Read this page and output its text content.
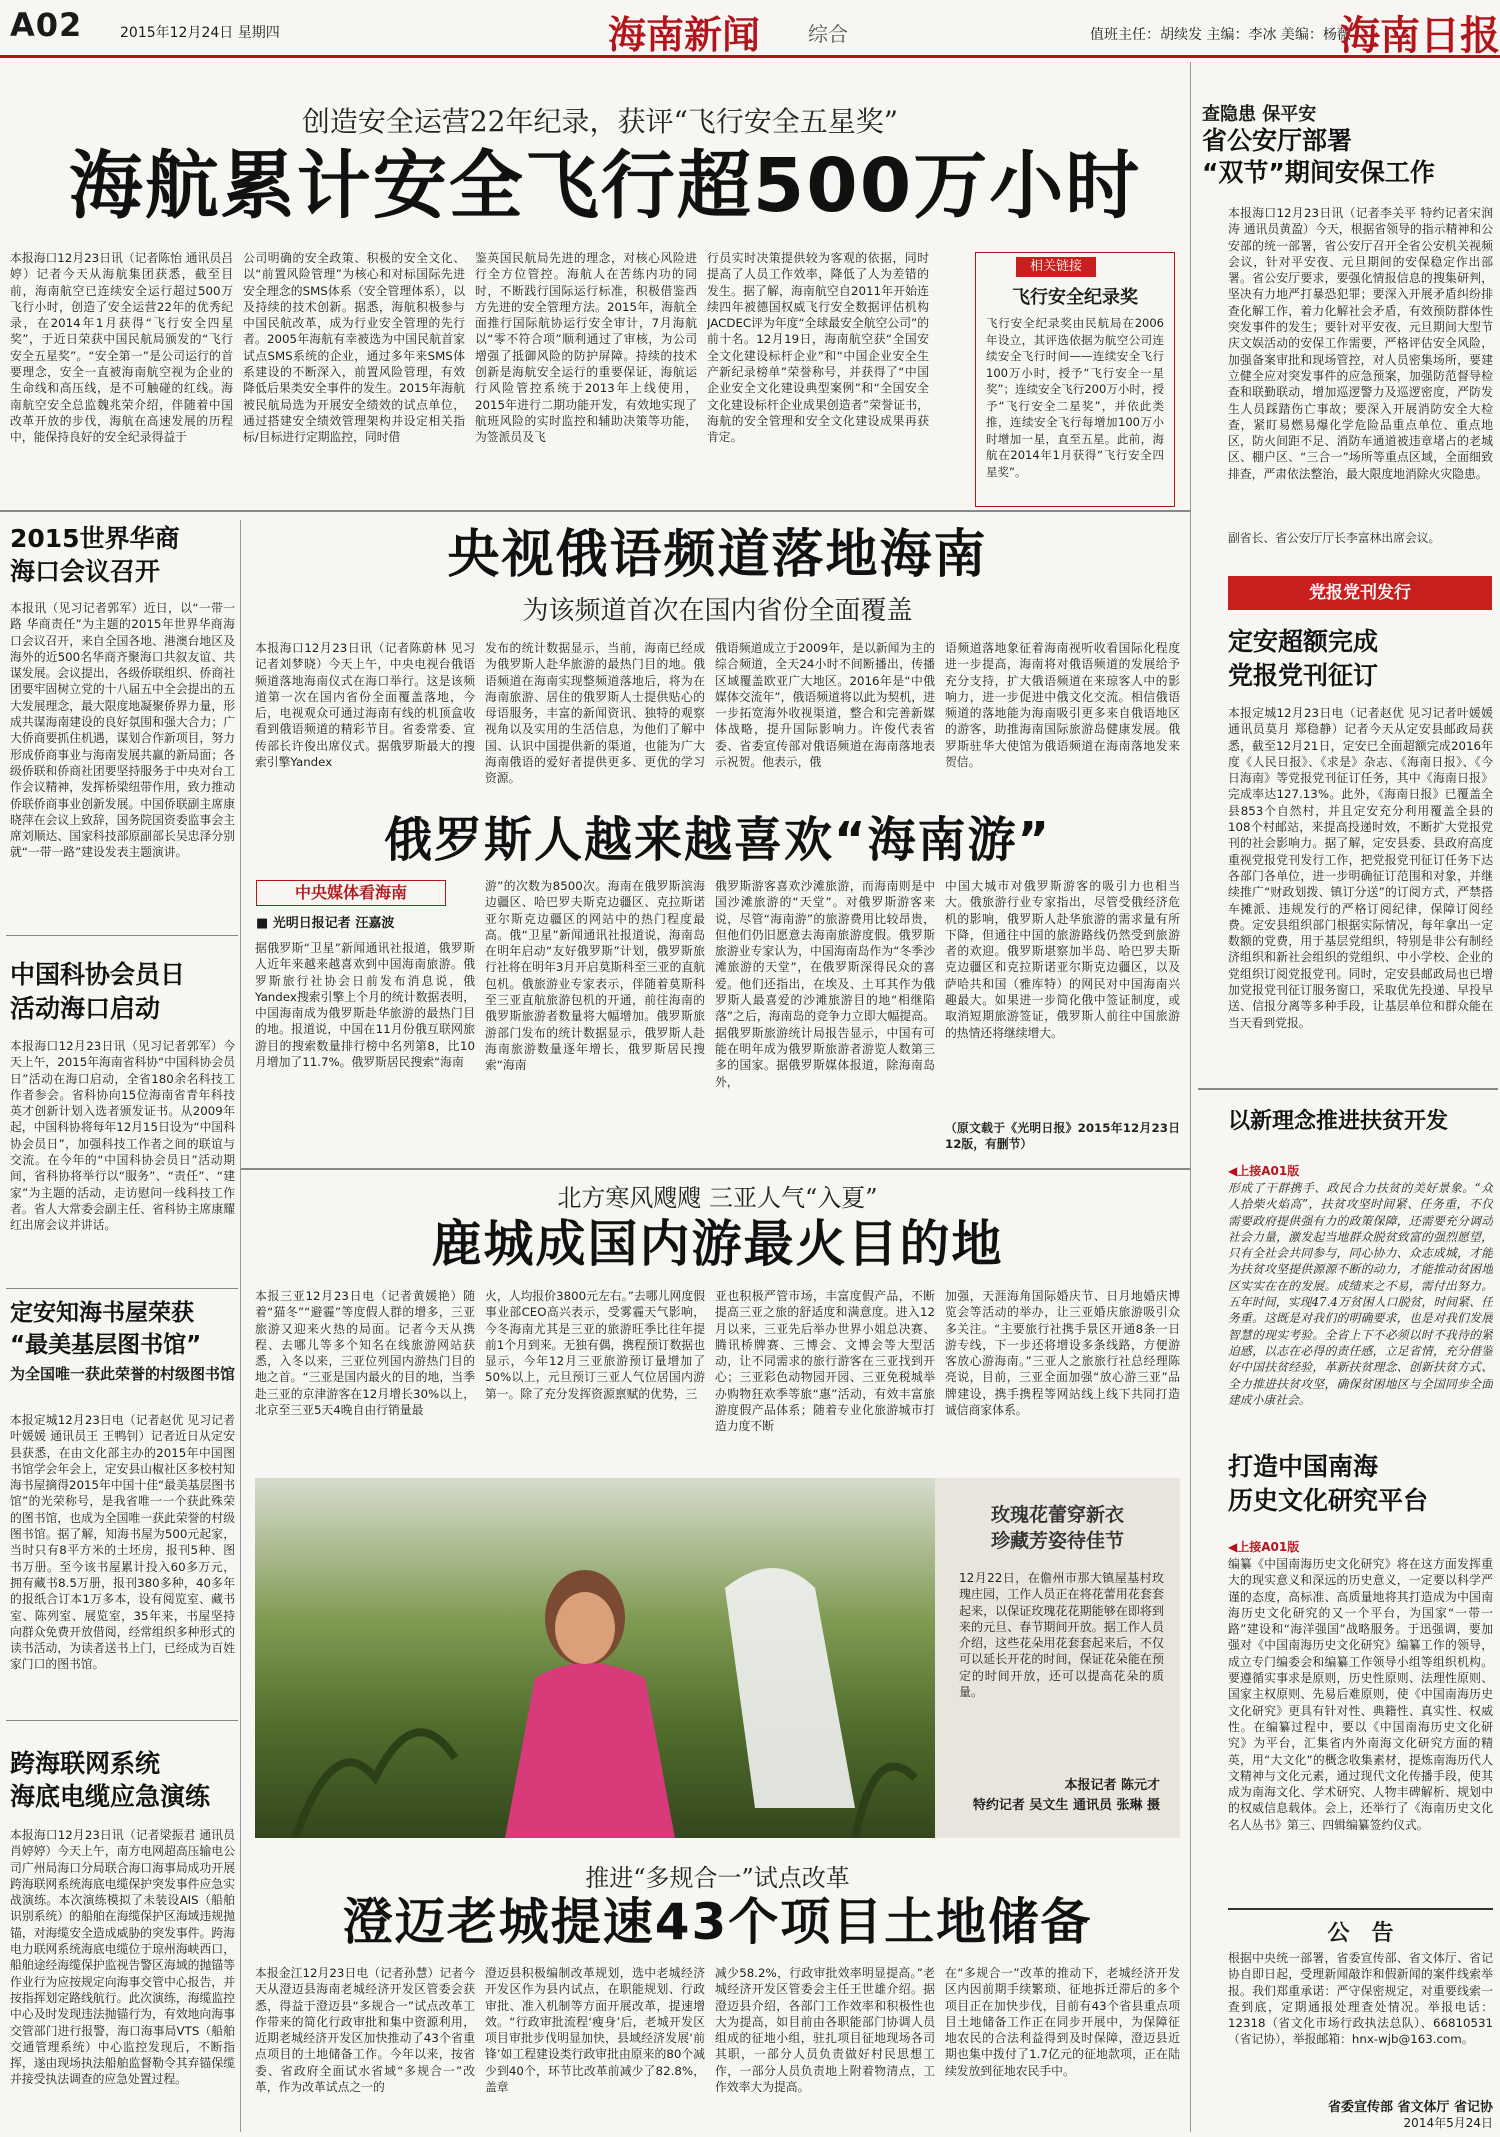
A02	2015年12月24日 星期四	海南新闻 综合	值班主任：胡续发 主编：李冰 美编：杨薇
海南日报
创造安全运营22年纪录，获评“飞行安全五星奖”
海航累计安全飞行超500万小时
本报海口12月23日讯（记者陈怡 通讯员吕婷）记者今天从海航集团获悉，截至目前，海南航空已连续安全运行超过500万飞行小时，创造了安全运营22年的优秀纪录，在2014年1月获得“飞行安全四星奖”，于近日荣获中国民航局颁发的“飞行安全五星奖”。“安全第一”是公司运行的首要理念，安全一直被海南航空视为企业的生命线和高压线，是不可触碰的红线。海南航空安全总监魏兆荣介绍，伴随着中国改革开放的步伐，海航在高速发展的历程中，能保持良好的安全纪录得益于
公司明确的安全政策、积极的安全文化、以“前置风险管理”为核心和对标国际先进安全理念的SMS体系（安全管理体系），以及持续的技术创新。据悉，海航积极参与中国民航改革，成为行业安全管理的先行者。2005年海航有幸被选为中国民航首家试点SMS系统的企业，通过多年来SMS体系建设的不断深入，前置风险管理，有效降低后果类安全事件的发生。2015年海航被民航局选为开展安全绩效的试点单位，通过搭建安全绩效管理架构并设定相关指标/目标进行定期监控，同时借
鉴英国民航局先进的理念，对核心风险进行全方位管控。海航人在苦练内功的同时，不断践行国际运行标准，积极借鉴西方先进的安全管理方法。2015年，海航全面推行国际航协运行安全审计，7月海航以“零不符合项”顺利通过了审核，为公司增强了抵御风险的防护屏障。持续的技术创新是海航安全运行的重要保证，海航运行风险管控系统于2013年上线使用，2015年进行二期功能开发，有效地实现了航班风险的实时监控和辅助决策等功能，为签派员及飞
行员实时决策提供较为客观的依据，同时提高了人员工作效率，降低了人为差错的发生。据了解，海南航空自2011年开始连续四年被德国权威飞行安全数据评估机构JACDEC评为年度“全球最安全航空公司”的前十名。12月19日，海南航空获“全国安全文化建设标杆企业”和“中国企业安全生产新纪录榜单”荣誉称号，并获得了“中国企业安全文化建设典型案例”和“全国安全文化建设标杆企业成果创造者”荣誉证书，海航的安全管理和安全文化建设成果再获肯定。
相关链接
飞行安全纪录奖
飞行安全纪录奖由民航局在2006年设立，其评选依据为航空公司连续安全飞行时间——连续安全飞行100万小时，授予“飞行安全一星奖”；连续安全飞行200万小时，授予“飞行安全二星奖”，并依此类推，连续安全飞行每增加100万小时增加一星，直至五星。此前，海航在2014年1月获得“飞行安全四星奖”。
查隐患 保平安
省公安厅部署
“双节”期间安保工作
本报海口12月23日讯（记者李关平 特约记者宋润涛 通讯员黄盈）今天，根据省领导的指示精神和公安部的统一部署，省公安厅召开全省公安机关视频会议，针对平安夜、元旦期间的安保稳定作出部署。省公安厅要求，要强化情报信息的搜集研判，坚决有力地严打暴恐犯罪；要深入开展矛盾纠纷排查化解工作，着力化解社会矛盾，有效预防群体性突发事件的发生；要针对平安夜、元旦期间大型节庆文娱活动的安保工作需要，严格评估安全风险，加强备案审批和现场管控，对人员密集场所，要建立健全应对突发事件的应急预案，加强防范督导检查和联勤联动，增加巡逻警力及巡逻密度，严防发生人员踩踏伤亡事故；要深入开展消防安全大检查，紧盯易燃易爆化学危险品重点单位、重点地区，防火间距不足、消防车通道被违章堵占的老城区、棚户区、“三合一”场所等重点区域，全面细致排查，严肃依法整治，最大限度地消除火灾隐患。
副省长、省公安厅厅长李富林出席会议。
党报党刊发行
定安超额完成
党报党刊征订
本报定城12月23日电（记者赵优 见习记者叶媛媛 通讯员莫月 郑稳静）记者今天从定安县邮政局获悉，截至12月21日，定安已全面超额完成2016年度《人民日报》、《求是》杂志、《海南日报》、《今日海南》等党报党刊征订任务，其中《海南日报》完成率达127.13%。此外，《海南日报》已覆盖全县853个自然村，并且定安充分利用覆盖全县的108个村邮站，来提高投递时效，不断扩大党报党刊的社会影响力。据了解，定安县委、县政府高度重视党报党刊发行工作，把党报党刊征订任务下达各部门各单位，进一步明确征订范围和对象，并继续推广“财政划拨、镇订分送”的订阅方式，严禁搭车摊派、违规发行的严格订阅纪律，保障订阅经费。定安县组织部门根据实际情况，每年拿出一定数额的党费，用于基层党组织，特别是非公有制经济组织和新社会组织的党组织、中小学校、企业的党组织订阅党报党刊。同时，定安县邮政局也已增加党报党刊征订服务窗口，采取优先投递、早投早送、信报分离等多种手段，让基层单位和群众能在当天看到党报。
以新理念推进扶贫开发
◀上接A01版
形成了干群携手、政民合力扶贫的美好景象。“众人拾柴火焰高”，扶贫攻坚时间紧、任务重，不仅需要政府提供强有力的政策保障，还需要充分调动社会力量，激发起当地群众脱贫致富的强烈愿望，只有全社会共同参与，同心协力、众志成城，才能为扶贫攻坚提供源源不断的动力，才能推动贫困地区实实在在的发展。成绩来之不易，需付出努力。五年时间，实现47.4万贫困人口脱贫，时间紧、任务重。这既是对我们的明确要求，也是对我们发展智慧的现实考验。全省上下不必须以时不我待的紧迫感，以志在必得的责任感，立足省情，充分借鉴好中国扶贫经验，革新扶贫理念、创新扶贫方式、全力推进扶贫攻坚，确保贫困地区与全国同步全面建成小康社会。
打造中国南海
历史文化研究平台
◀上接A01版
编纂《中国南海历史文化研究》将在这方面发挥重大的现实意义和深远的历史意义，一定要以科学严谨的态度，高标准、高质量地将其打造成为中国南海历史文化研究的又一个平台，为国家“一带一路”建设和“海洋强国”战略服务。于迅强调，要加强对《中国南海历史文化研究》编纂工作的领导，成立专门编委会和编纂工作领导小组等组织机构。要遵循实事求是原则，历史性原则、法理性原则、国家主权原则、先易后难原则，使《中国南海历史文化研究》更具有针对性、典籍性、真实性、权威性。在编纂过程中，要以《中国南海历史文化研究》为平台，汇集省内外南海文化研究方面的精英，用“大文化”的概念收集素材，提炼南海历代人文精神与文化元素，通过现代文化传播手段，使其成为南海文化、学术研究、人物丰碑解析、规划中的权威信息载体。会上，还举行了《海南历史文化名人丛书》第三、四辑编纂签约仪式。
公　告
根据中央统一部署，省委宣传部、省文体厅、省记协自即日起，受理新闻敲诈和假新闻的案件线索举报。我们郑重承诺：严守保密规定，对重要线索一查到底，定期通报处理查处情况。举报电话：12318（省文化市场行政执法总队）、66810531（省记协），举报邮箱：hnx-wjb@163.com。
省委宣传部 省文体厅 省记协
2014年5月24日
2015世界华商
海口会议召开
本报讯（见习记者郭军）近日，以“一带一路 华商责任”为主题的2015年世界华商海口会议召开，来自全国各地、港澳台地区及海外的近500名华商齐聚海口共叙友谊、共谋发展。会议提出，各级侨联组织、侨商社团要牢固树立党的十八届五中全会提出的五大发展理念，最大限度地凝聚侨界力量，形成共谋海南建设的良好氛围和强大合力；广大侨商要抓住机遇，谋划合作新项目，努力形成侨商事业与海南发展共赢的新局面；各级侨联和侨商社团要坚持服务于中央对台工作会议精神，发挥桥梁纽带作用，致力推动侨联侨商事业创新发展。中国侨联副主席康晓萍在会议上致辞，国务院国资委监事会主席刘顺达、国家科技部原副部长吴忠泽分别就“一带一路”建设发表主题演讲。
中国科协会员日
活动海口启动
本报海口12月23日讯（见习记者郭军）今天上午，2015年海南省科协“中国科协会员日”活动在海口启动，全省180余名科技工作者参会。省科协向15位海南省青年科技英才创新计划入选者颁发证书。从2009年起，中国科协将每年12月15日设为“中国科协会员日”，加强科技工作者之间的联谊与交流。在今年的“中国科协会员日”活动期间，省科协将举行以“服务”、“责任”、“建家”为主题的活动，走访慰问一线科技工作者。省人大常委会副主任、省科协主席康耀红出席会议并讲话。
定安知海书屋荣获
“最美基层图书馆”
为全国唯一获此荣誉的村级图书馆
本报定城12月23日电（记者赵优 见习记者叶媛媛 通讯员王 王鸭钊）记者近日从定安县获悉，在由文化部主办的2015年中国图书馆学会年会上，定安县山椒社区多校村知海书屋摘得2015年中国十佳“最美基层图书馆”的光荣称号，是我省唯一一个获此殊荣的图书馆，也成为全国唯一获此荣誉的村级图书馆。据了解，知海书屋为500元起家，当时只有8平方米的土坯房，报刊5种、图书万册。至今该书屋累计投入60多万元，拥有藏书8.5万册，报刊380多种，40多年的报纸合订本1万多本，设有阅览室、藏书室、陈列室、展览室，35年来，书屋坚持向群众免费开放借阅，经常组织多种形式的读书活动，为读者送书上门，已经成为百姓家门口的图书馆。
跨海联网系统
海底电缆应急演练
本报海口12月23日讯（记者梁振君 通讯员肖婷婷）今天上午，南方电网超高压输电公司广州局海口分局联合海口海事局成功开展跨海联网系统海底电缆保护突发事件应急实战演练。本次演练模拟了未装设AIS（船舶识别系统）的船舶在海缆保护区海域违规抛锚，对海缆安全造成威胁的突发事件。跨海电力联网系统海底电缆位于琼州海峡西口，船舶途经海缆保护监视告警区海域的抛锚等作业行为应按规定向海事交管中心报告，并按指挥划定路线航行。此次演练，海缆监控中心及时发现违法抛锚行为，有效地向海事交管部门进行报警，海口海事局VTS（船舶交通管理系统）中心监控发现后，不断指挥，遂由现场执法船舶监督勒令其弃锚保缆并接受执法调查的应急处置过程。
央视俄语频道落地海南
为该频道首次在国内省份全面覆盖
本报海口12月23日讯（记者陈蔚林 见习记者刘梦晓）今天上午，中央电视台俄语频道落地海南仪式在海口举行。这是该频道第一次在国内省份全面覆盖落地，今后，电视观众可通过海南有线的机顶盒收看到俄语频道的精彩节目。省委常委、宣传部长许俊出席仪式。据俄罗斯最大的搜索引擎Yandex
发布的统计数据显示，当前，海南已经成为俄罗斯人赴华旅游的最热门目的地。俄语频道在海南实现整频道落地后，将为在海南旅游、居住的俄罗斯人士提供贴心的母语服务，丰富的新闻资讯、独特的观察视角以及实用的生活信息，为他们了解中国、认识中国提供新的渠道，也能为广大海南俄语的爱好者提供更多、更优的学习资源。
俄语频道成立于2009年，是以新闻为主的综合频道，全天24小时不间断播出，传播区域覆盖欧亚广大地区。2016年是“中俄媒体交流年”，俄语频道将以此为契机，进一步拓宽海外收视渠道，整合和完善新媒体战略，提升国际影响力。许俊代表省委、省委宣传部对俄语频道在海南落地表示祝贺。他表示，俄
语频道落地象征着海南视听收看国际化程度进一步提高，海南将对俄语频道的发展给予充分支持，扩大俄语频道在来琼客人中的影响力，进一步促进中俄文化交流。相信俄语频道的落地能为海南吸引更多来自俄语地区的游客，助推海南国际旅游岛健康发展。俄罗斯驻华大使馆为俄语频道在海南落地发来贺信。
俄罗斯人越来越喜欢“海南游”
中央媒体看海南
■ 光明日报记者 汪嘉波
据俄罗斯“卫星”新闻通讯社报道，俄罗斯人近年来越来越喜欢到中国海南旅游。俄罗斯旅行社协会日前发布消息说，俄Yandex搜索引擎上个月的统计数据表明，中国海南成为俄罗斯赴华旅游的最热门目的地。报道说，中国在11月份俄互联网旅游目的搜索数量排行榜中名列第8，比10月增加了11.7%。俄罗斯居民搜索“海南
游”的次数为8500次。海南在俄罗斯滨海边疆区、哈巴罗夫斯克边疆区、克拉斯诺亚尔斯克边疆区的网站中的热门程度最高。俄“卫星”新闻通讯社报道说，海南岛在明年启动“友好俄罗斯”计划，俄罗斯旅行社将在明年3月开启莫斯科至三亚的直航包机。俄旅游业专家表示，伴随着莫斯科至三亚直航旅游包机的开通，前往海南的俄罗斯旅游者数量将大幅增加。俄罗斯旅游部门发布的统计数据显示，俄罗斯人赴海南旅游数量逐年增长，俄罗斯居民搜索“海南
俄罗斯游客喜欢沙滩旅游，而海南则是中国沙滩旅游的“天堂”。对俄罗斯游客来说，尽管“海南游”的旅游费用比较昂贵，但他们仍旧愿意去海南旅游度假。俄罗斯旅游业专家认为，中国海南岛作为“冬季沙滩旅游的天堂”，在俄罗斯深得民众的喜爱。他们还指出，在埃及、土耳其作为俄罗斯人最喜爱的沙滩旅游目的地“相继陷落”之后，海南岛的竞争力立即大幅提高。据俄罗斯旅游统计局报告显示，中国有可能在明年成为俄罗斯旅游者游览人数第三多的国家。据俄罗斯媒体报道，除海南岛外，
中国大城市对俄罗斯游客的吸引力也相当大。俄旅游行业专家指出，尽管受俄经济危机的影响，俄罗斯人赴华旅游的需求量有所下降，但通往中国的旅游路线仍然受到旅游者的欢迎。俄罗斯堪察加半岛、哈巴罗夫斯克边疆区和克拉斯诺亚尔斯克边疆区，以及萨哈共和国（雅库特）的网民对中国海南兴趣最大。如果进一步简化俄中签证制度，或取消短期旅游签证，俄罗斯人前往中国旅游的热情还将继续增大。
（原文载于《光明日报》2015年12月23日12版，有删节）
北方寒风飕飕 三亚人气“入夏”
鹿城成国内游最火目的地
本报三亚12月23日电（记者黄媛艳）随着“猫冬”“避霾”等度假人群的增多，三亚旅游又迎来火热的局面。记者今天从携程、去哪儿等多个知名在线旅游网站获悉，入冬以来，三亚位列国内游热门目的地之首。“三亚是国内最火的目的地，当季赴三亚的京津游客在12月增长30%以上，北京至三亚5天4晚自由行销量最
火，人均报价3800元左右。”去哪儿网度假事业部CEO高兴表示，受雾霾天气影响，今冬海南尤其是三亚的旅游旺季比往年提前1个月到来。无独有偶，携程预订数据也显示，今年12月三亚旅游预订量增加了50%以上，元旦预订三亚人气位居国内游第一。除了充分发挥资源禀赋的优势，三
亚也积极严管市场，丰富度假产品，不断提高三亚之旅的舒适度和满意度。进入12月以来，三亚先后举办世界小姐总决赛、腾讯桥牌赛、三博会、文博会等大型活动，让不同需求的旅行游客在三亚找到开心；三亚彩色动物园开园、三亚免税城举办购物狂欢季等旅“惠”活动，有效丰富旅游度假产品体系；随着专业化旅游城市打造力度不断
加强，天涯海角国际婚庆节、日月地婚庆博览会等活动的举办，让三亚婚庆旅游吸引众多关注。“主要旅行社携手景区开通8条一日游专线，下一步还将增设多条线路，方便游客放心游海南。”三亚人之旅旅行社总经理陈亮说，目前，三亚全面加强“放心游三亚”品牌建设，携手携程等网站线上线下共同打造诚信商家体系。
玫瑰花蕾穿新衣
珍藏芳姿待佳节
12月22日，在儋州市那大镇屋基村玫瑰庄园，工作人员正在将花蕾用花套套起来，以保证玫瑰花花期能够在即将到来的元旦、春节期间开放。据工作人员介绍，这些花朵用花套套起来后，不仅可以延长开花的时间，保证花朵能在预定的时间开放，还可以提高花朵的质量。
本报记者 陈元才
特约记者 吴文生 通讯员 张琳 摄
推进“多规合一”试点改革
澄迈老城提速43个项目土地储备
本报金江12月23日电（记者孙慧）记者今天从澄迈县海南老城经济开发区管委会获悉，得益于澄迈县“多规合一”试点改革工作带来的简化行政审批和集中资源利用，近期老城经济开发区加快推动了43个省重点项目的土地储备工作。今年以来，按省委、省政府全面试水省域“多规合一”改革，作为改革试点之一的
澄迈县积极编制改革规划，选中老城经济开发区作为县内试点，在职能规划、行政审批、准入机制等方面开展改革，提速增效。“行政审批流程‘瘦身’后，老城开发区项目审批步伐明显加快，县域经济发展‘前锋’如工程建设类行政审批由原来的80个减少到40个，环节比改革前减少了82.8%，盖章
减少58.2%，行政审批效率明显提高。”老城经济开发区管委会主任王世雄介绍。据澄迈县介绍，各部门工作效率和积极性也大为提高，如目前由各职能部门协调人员组成的征地小组，驻扎项目征地现场各司其职，一部分人员负责做好村民思想工作，一部分人员负责地上附着物清点，工作效率大为提高。
在“多规合一”改革的推动下，老城经济开发区内因前期手续繁琐、征地拆迁滞后的多个项目正在加快步伐，目前有43个省县重点项目土地储备工作正在同步开展中，为保障征地农民的合法利益得到及时保障，澄迈县近期也集中拨付了1.7亿元的征地款项，正在陆续发放到征地农民手中。
